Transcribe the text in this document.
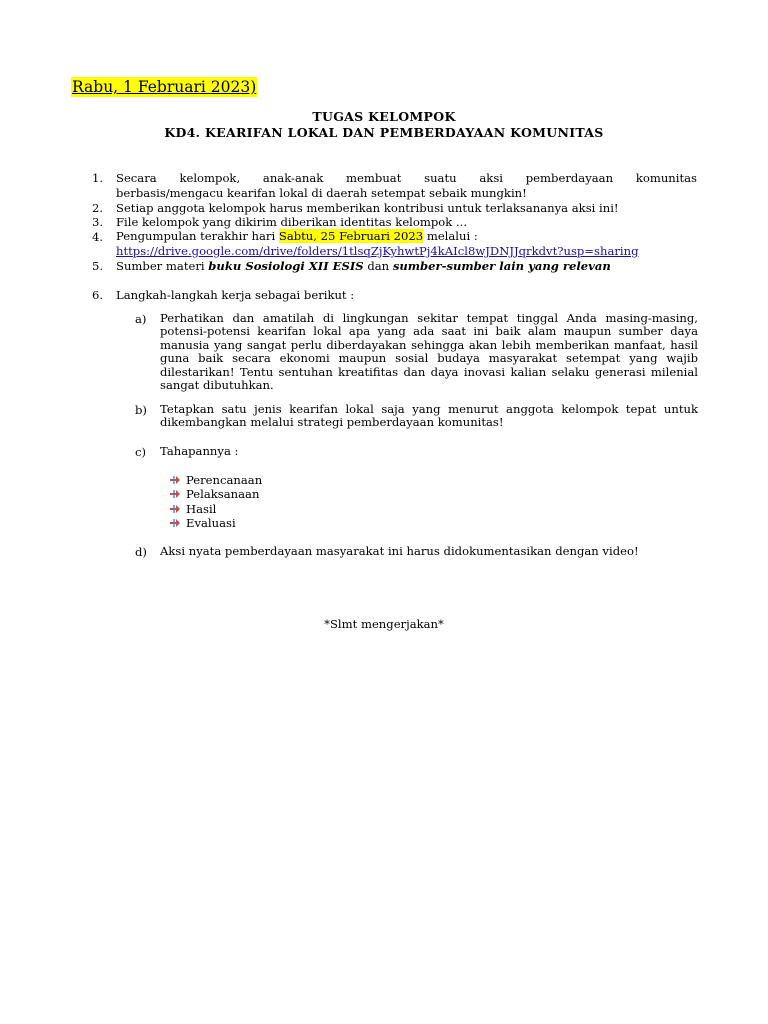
Rabu, 1 Februari 2023)
TUGAS KELOMPOK
KD4. KEARIFAN LOKAL DAN PEMBERDAYAAN KOMUNITAS
1.	Secara kelompok, anak-anak membuat suatu aksi pemberdayaan komunitas
berbasis/mengacu kearifan lokal di daerah setempat sebaik mungkin!
2.	Setiap anggota kelompok harus memberikan kontribusi untuk terlaksananya aksi ini!
3.	File kelompok yang dikirim diberikan identitas kelompok ...
4.	Pengumpulan terakhir hari Sabtu, 25 Februari 2023 melalui :
https://drive.google.com/drive/folders/1tlsqZjKyhwtPj4kAIcl8wJDNJJqrkdvt?usp=sharing
5.	Sumber materi buku Sosiologi XII ESIS dan sumber-sumber lain yang relevan
6.	Langkah-langkah kerja sebagai berikut :
a) Perhatikan dan amatilah di lingkungan sekitar tempat tinggal Anda masing-masing, potensi-potensi kearifan lokal apa yang ada saat ini baik alam maupun sumber daya manusia yang sangat perlu diberdayakan sehingga akan lebih memberikan manfaat, hasil guna baik secara ekonomi maupun sosial budaya masyarakat setempat yang wajib dilestarikan! Tentu sentuhan kreatifitas dan daya inovasi kalian selaku generasi milenial sangat dibutuhkan.
b) Tetapkan satu jenis kearifan lokal saja yang menurut anggota kelompok tepat untuk dikembangkan melalui strategi pemberdayaan komunitas!
c) Tahapannya :
Perencanaan
Pelaksanaan
Hasil
Evaluasi
d) Aksi nyata pemberdayaan masyarakat ini harus didokumentasikan dengan video!
*Slmt mengerjakan*
